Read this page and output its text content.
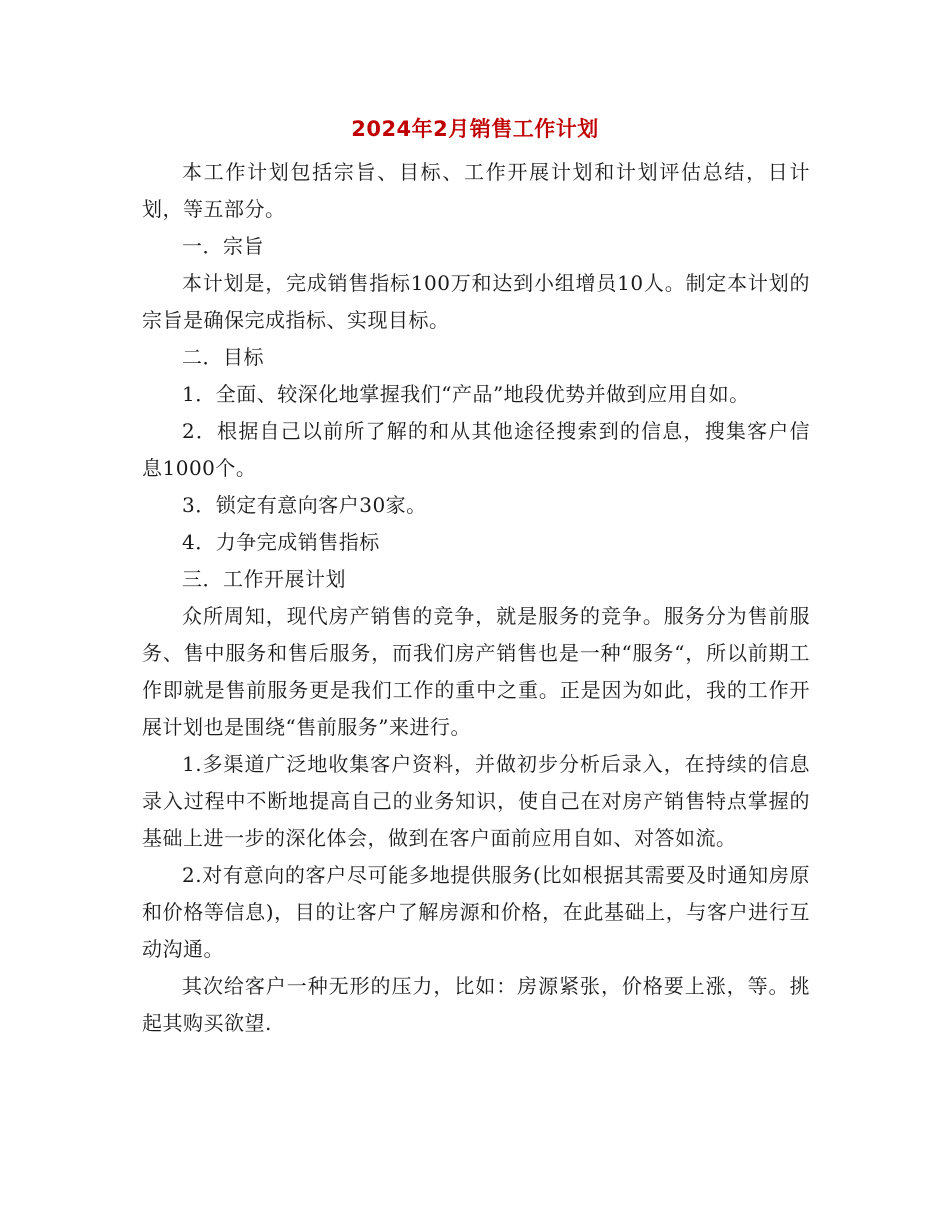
2024年2月销售工作计划

本工作计划包括宗旨、目标、工作开展计划和计划评估总结，日计划，等五部分。

一．宗旨

本计划是，完成销售指标100万和达到小组增员10人。制定本计划的宗旨是确保完成指标、实现目标。

二．目标

1．全面、较深化地掌握我们“产品”地段优势并做到应用自如。

2．根据自己以前所了解的和从其他途径搜索到的信息，搜集客户信息1000个。

3．锁定有意向客户30家。

4．力争完成销售指标

三．工作开展计划

众所周知，现代房产销售的竞争，就是服务的竞争。服务分为售前服务、售中服务和售后服务，而我们房产销售也是一种“服务“，所以前期工作即就是售前服务更是我们工作的重中之重。正是因为如此，我的工作开展计划也是围绕“售前服务”来进行。

1.多渠道广泛地收集客户资料，并做初步分析后录入，在持续的信息录入过程中不断地提高自己的业务知识，使自己在对房产销售特点掌握的基础上进一步的深化体会，做到在客户面前应用自如、对答如流。

2.对有意向的客户尽可能多地提供服务(比如根据其需要及时通知房原和价格等信息)，目的让客户了解房源和价格，在此基础上，与客户进行互动沟通。

其次给客户一种无形的压力，比如：房源紧张，价格要上涨，等。挑起其购买欲望.
